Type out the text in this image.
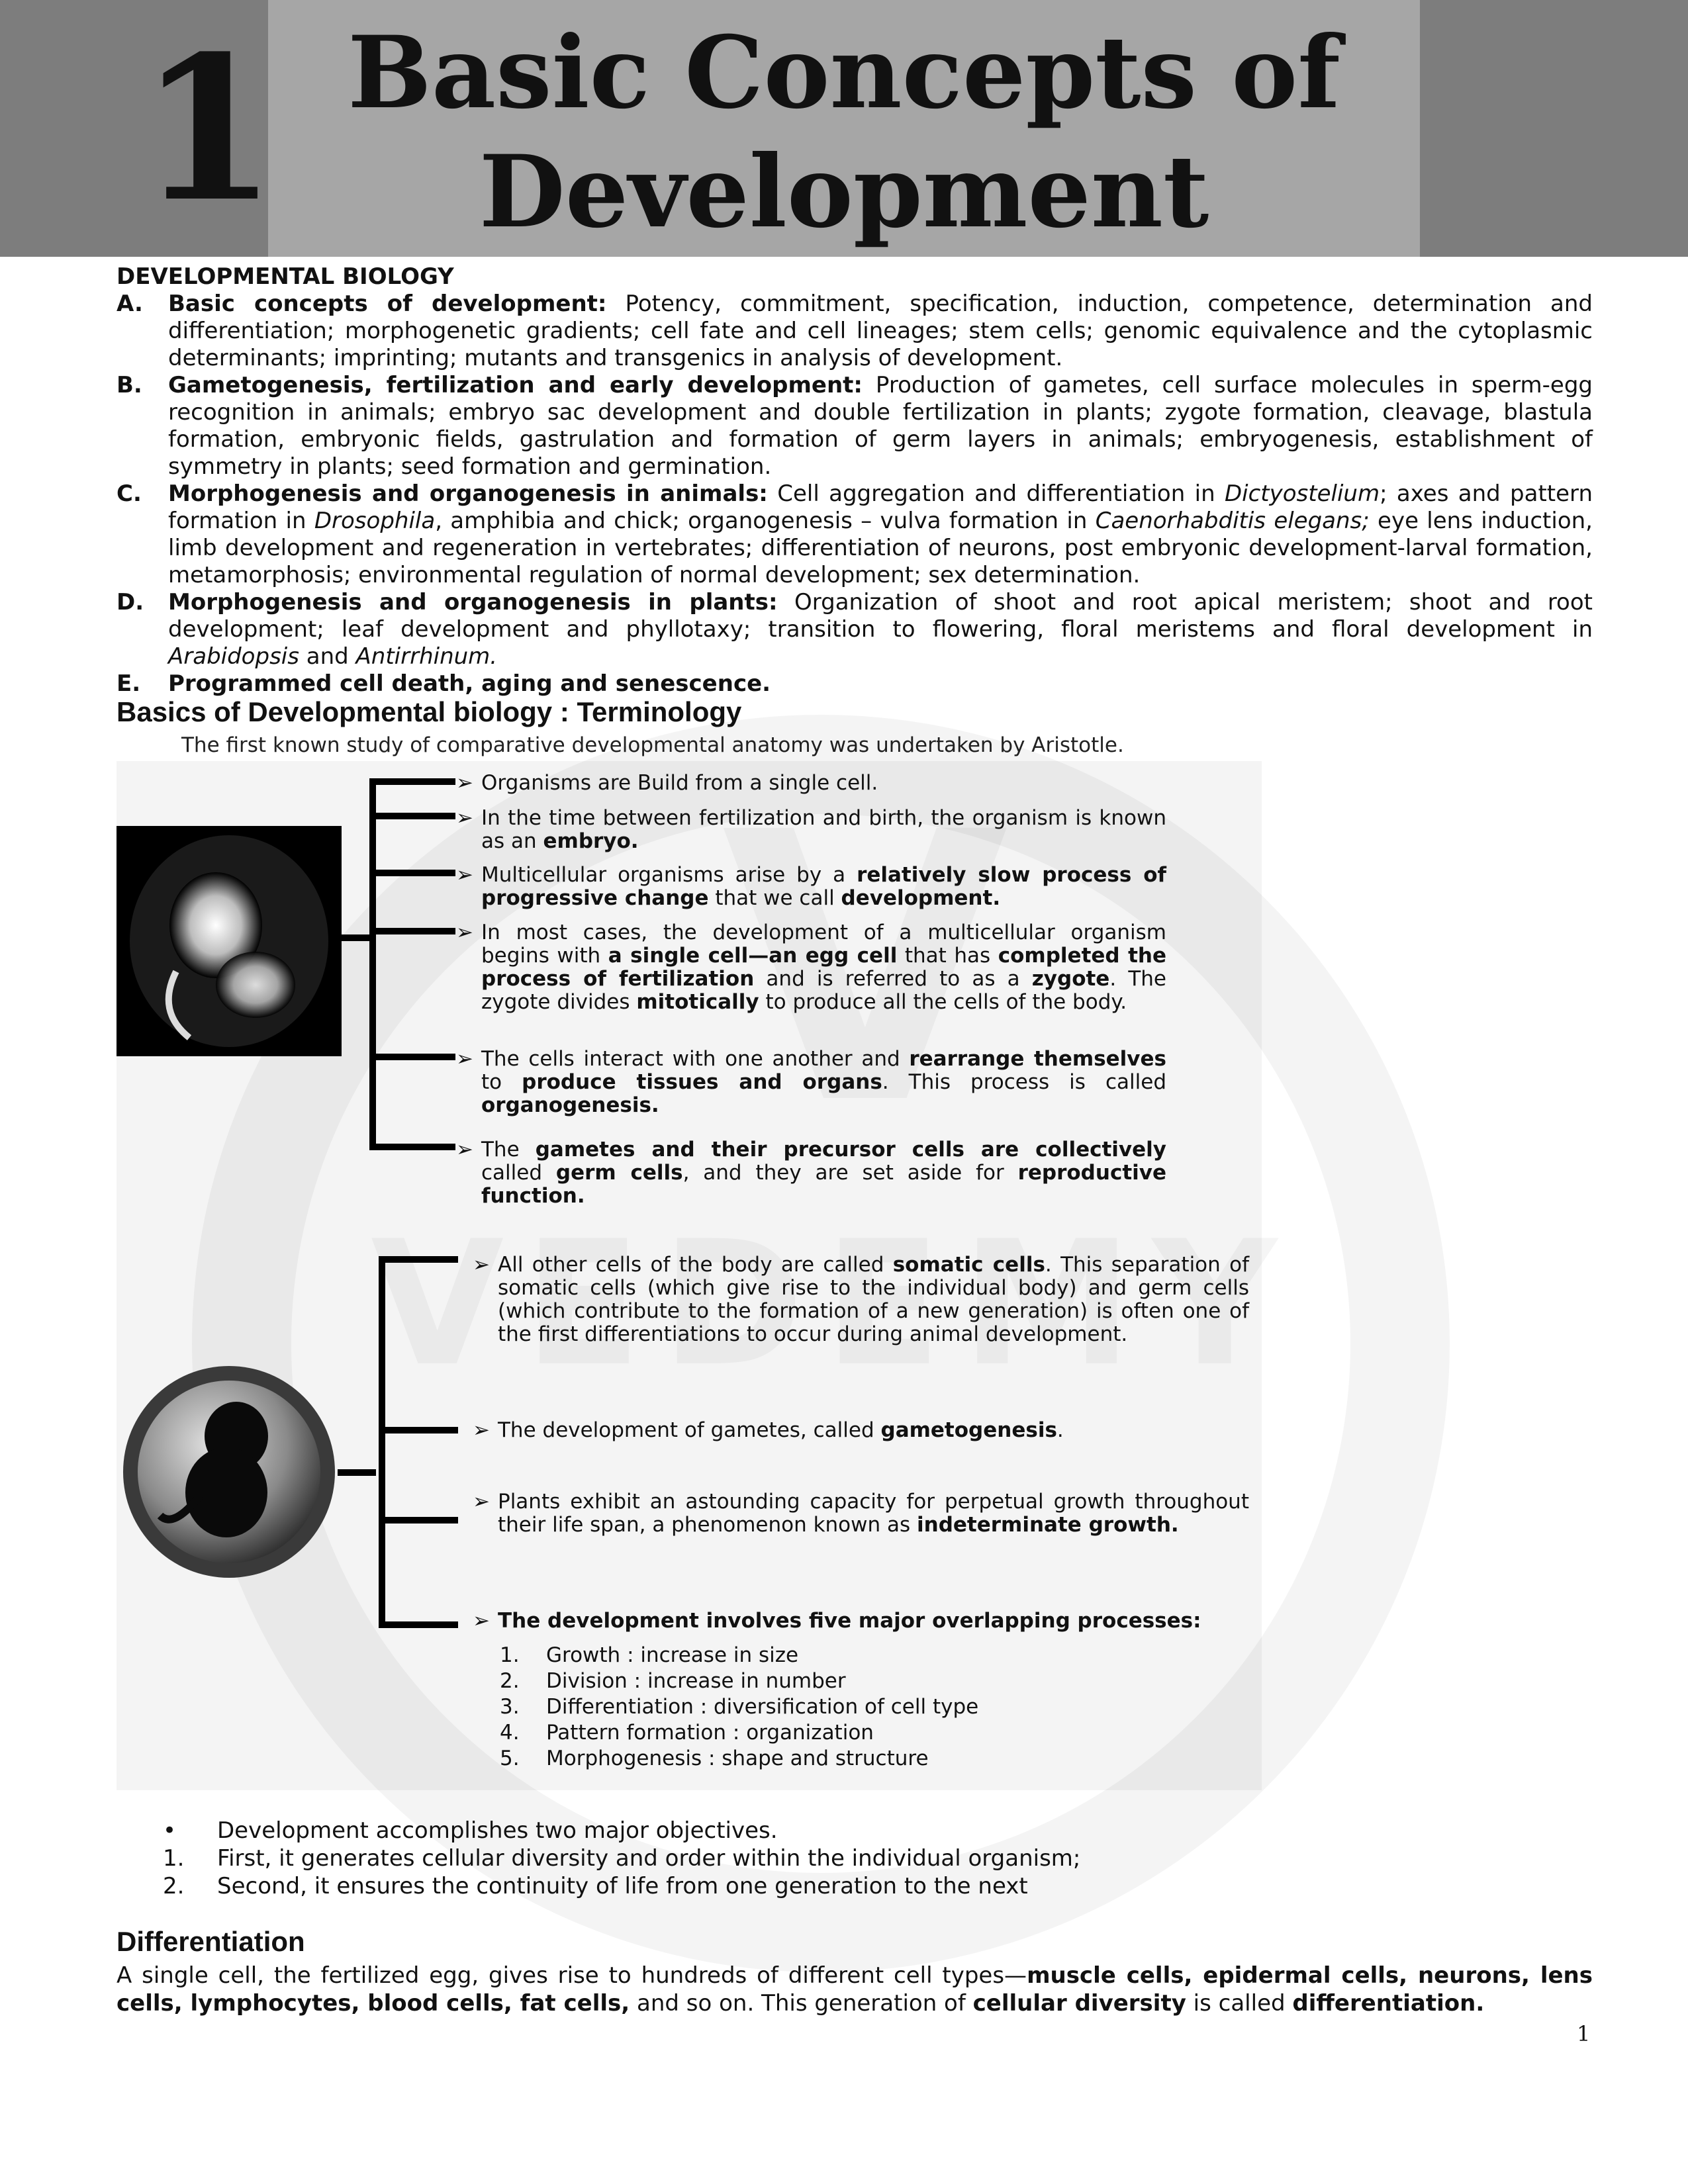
1 Basic Concepts of
Development
DEVELOPMENTAL BIOLOGY
A. Basic concepts of development: Potency, commitment, specification, induction, competence, determination and differentiation; morphogenetic gradients; cell fate and cell lineages; stem cells; genomic equivalence and the cytoplasmic determinants; imprinting; mutants and transgenics in analysis of development.
B. Gametogenesis, fertilization and early development: Production of gametes, cell surface molecules in sperm-egg recognition in animals; embryo sac development and double fertilization in plants; zygote formation, cleavage, blastula formation, embryonic fields, gastrulation and formation of germ layers in animals; embryogenesis, establishment of symmetry in plants; seed formation and germination.
C. Morphogenesis and organogenesis in animals: Cell aggregation and differentiation in Dictyostelium; axes and pattern formation in Drosophila, amphibia and chick; organogenesis – vulva formation in Caenorhabditis elegans; eye lens induction, limb development and regeneration in vertebrates; differentiation of neurons, post embryonic development-larval formation, metamorphosis; environmental regulation of normal development; sex determination.
D. Morphogenesis and organogenesis in plants: Organization of shoot and root apical meristem; shoot and root development; leaf development and phyllotaxy; transition to flowering, floral meristems and floral development in Arabidopsis and Antirrhinum.
E. Programmed cell death, aging and senescence.
Basics of Developmental biology : Terminology
The first known study of comparative developmental anatomy was undertaken by Aristotle.
➢ Organisms are Build from a single cell.
➢ In the time between fertilization and birth, the organism is known as an embryo.
➢ Multicellular organisms arise by a relatively slow process of progressive change that we call development.
➢ In most cases, the development of a multicellular organism begins with a single cell—an egg cell that has completed the process of fertilization and is referred to as a zygote. The zygote divides mitotically to produce all the cells of the body.
➢ The cells interact with one another and rearrange themselves to produce tissues and organs. This process is called organogenesis.
➢ The gametes and their precursor cells are collectively called germ cells, and they are set aside for reproductive function.
➢ All other cells of the body are called somatic cells. This separation of somatic cells (which give rise to the individual body) and germ cells (which contribute to the formation of a new generation) is often one of the first differentiations to occur during animal development.
➢ The development of gametes, called gametogenesis.
➢ Plants exhibit an astounding capacity for perpetual growth throughout their life span, a phenomenon known as indeterminate growth.
➢ The development involves five major overlapping processes:
1. Growth : increase in size
2. Division : increase in number
3. Differentiation : diversification of cell type
4. Pattern formation : organization
5. Morphogenesis : shape and structure
• Development accomplishes two major objectives.
1. First, it generates cellular diversity and order within the individual organism;
2. Second, it ensures the continuity of life from one generation to the next
Differentiation
A single cell, the fertilized egg, gives rise to hundreds of different cell types—muscle cells, epidermal cells, neurons, lens cells, lymphocytes, blood cells, fat cells, and so on. This generation of cellular diversity is called differentiation.
1
